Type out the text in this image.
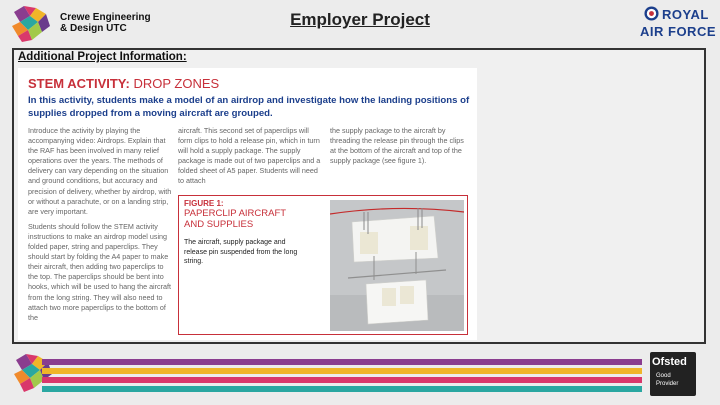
Crewe Engineering
& Design UTC	Employer Project	ROYAL
AIR FORCE
Additional Project Information:
STEM ACTIVITY: DROP ZONES
In this activity, students make a model of an airdrop and investigate how the landing positions of supplies dropped from a moving aircraft are grouped.

Introduce the activity by playing the accompanying video: Airdrops. Explain that the RAF has been involved in many relief operations over the years. The methods of delivery can vary depending on the situation and ground conditions, but accuracy and precision of delivery, whether by airdrop, with or without a parachute, or on a landing strip, are very important.

Students should follow the STEM activity instructions to make an airdrop model using folded paper, string and paperclips. They should start by folding the A4 paper to make their aircraft, then adding two paperclips to the top. The paperclips should be bent into hooks, which will be used to hang the aircraft from the long string. They will also need to attach two more paperclips to the bottom of the

aircraft. This second set of paperclips will form clips to hold a release pin, which in turn will hold a supply package. The supply package is made out of two paperclips and a folded sheet of A5 paper. Students will need to attach

the supply package to the aircraft by threading the release pin through the clips at the bottom of the aircraft and top of the supply package (see figure 1).

FIGURE 1:
PAPERCLIP AIRCRAFT AND SUPPLIES
The aircraft, supply package and release pin suspended from the long string.
Ofsted
Good
Provider
